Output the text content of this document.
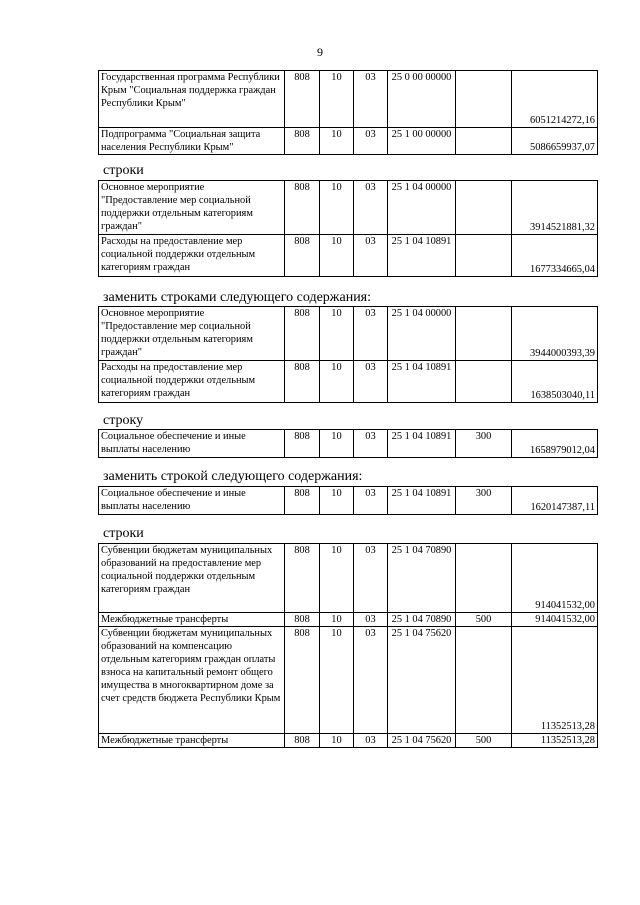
9
Государственная программа Республики Крым "Социальная поддержка граждан Республики Крым"	808	10	03	25 0 00 00000		6051214272,16
Подпрограмма "Социальная защита населения Республики Крым"	808	10	03	25 1 00 00000		5086659937,07
строки
Основное мероприятие "Предоставление мер социальной поддержки отдельным категориям граждан"	808	10	03	25 1 04 00000		3914521881,32
Расходы на предоставление мер социальной поддержки отдельным категориям граждан	808	10	03	25 1 04 10891		1677334665,04
заменить строками следующего содержания:
Основное мероприятие "Предоставление мер социальной поддержки отдельным категориям граждан"	808	10	03	25 1 04 00000		3944000393,39
Расходы на предоставление мер социальной поддержки отдельным категориям граждан	808	10	03	25 1 04 10891		1638503040,11
строку
Социальное обеспечение и иные выплаты населению	808	10	03	25 1 04 10891	300	1658979012,04
заменить строкой следующего содержания:
Социальное обеспечение и иные выплаты населению	808	10	03	25 1 04 10891	300	1620147387,11
строки
Субвенции бюджетам муниципальных образований на предоставление мер социальной поддержки отдельным категориям граждан	808	10	03	25 1 04 70890		914041532,00
Межбюджетные трансферты	808	10	03	25 1 04 70890	500	914041532,00
Субвенции бюджетам муниципальных образований на компенсацию отдельным категориям граждан оплаты взноса на капитальный ремонт общего имущества в многоквартирном доме за счет средств бюджета Республики Крым	808	10	03	25 1 04 75620		11352513,28
Межбюджетные трансферты	808	10	03	25 1 04 75620	500	11352513,28
